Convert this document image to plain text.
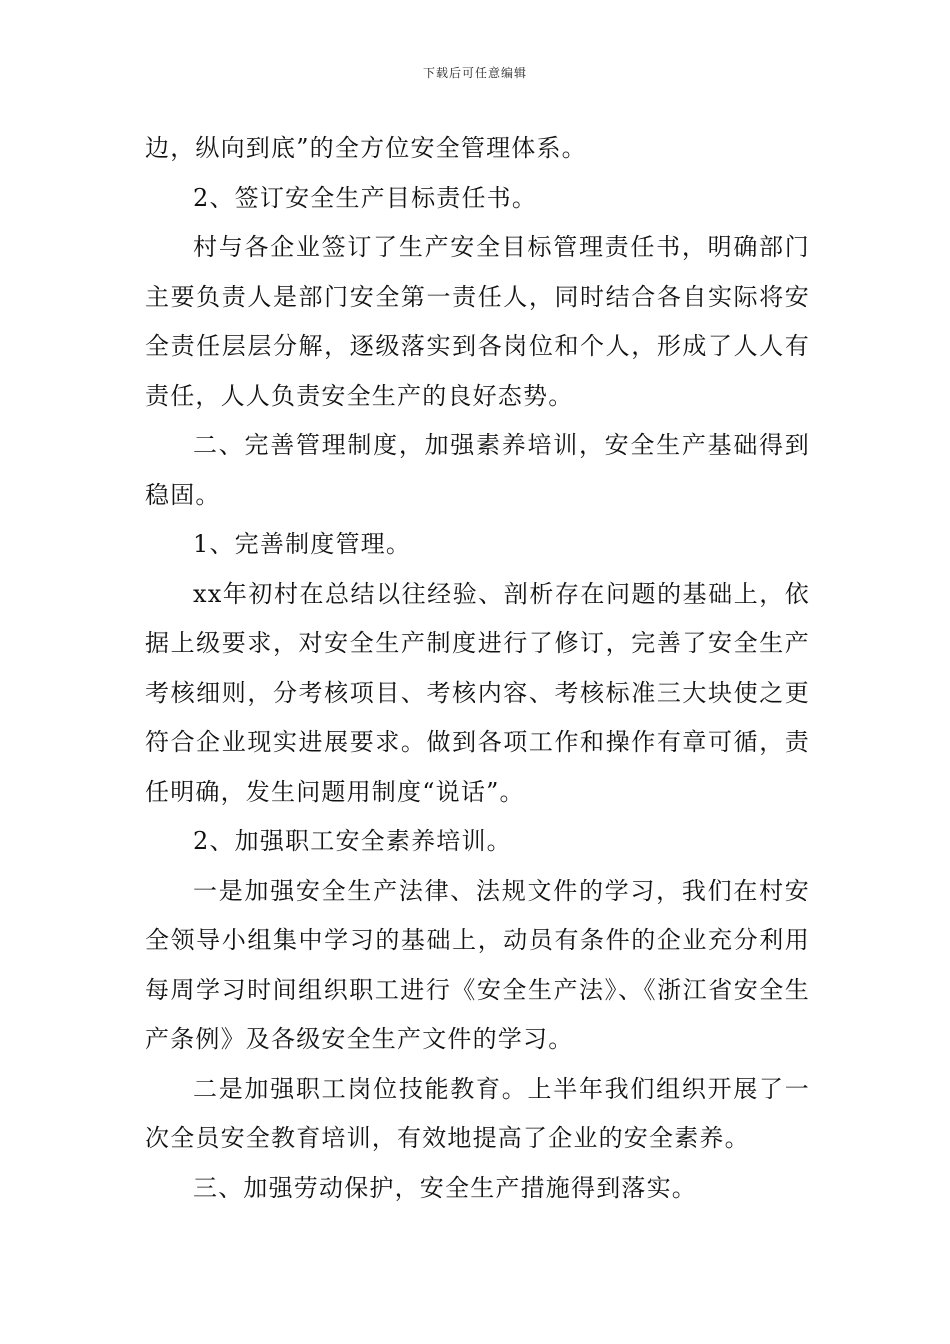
下载后可任意编辑

边，纵向到底”的全方位安全管理体系。

2、签订安全生产目标责任书。

村与各企业签订了生产安全目标管理责任书，明确部门主要负责人是部门安全第一责任人，同时结合各自实际将安全责任层层分解，逐级落实到各岗位和个人，形成了人人有责任，人人负责安全生产的良好态势。

二、完善管理制度，加强素养培训，安全生产基础得到稳固。

1、完善制度管理。

xx年初村在总结以往经验、剖析存在问题的基础上，依据上级要求，对安全生产制度进行了修订，完善了安全生产考核细则，分考核项目、考核内容、考核标准三大块使之更符合企业现实进展要求。做到各项工作和操作有章可循，责任明确，发生问题用制度“说话”。

2、加强职工安全素养培训。

一是加强安全生产法律、法规文件的学习，我们在村安全领导小组集中学习的基础上，动员有条件的企业充分利用每周学习时间组织职工进行《安全生产法》、《浙江省安全生产条例》及各级安全生产文件的学习。

二是加强职工岗位技能教育。上半年我们组织开展了一次全员安全教育培训，有效地提高了企业的安全素养。

三、加强劳动保护，安全生产措施得到落实。
